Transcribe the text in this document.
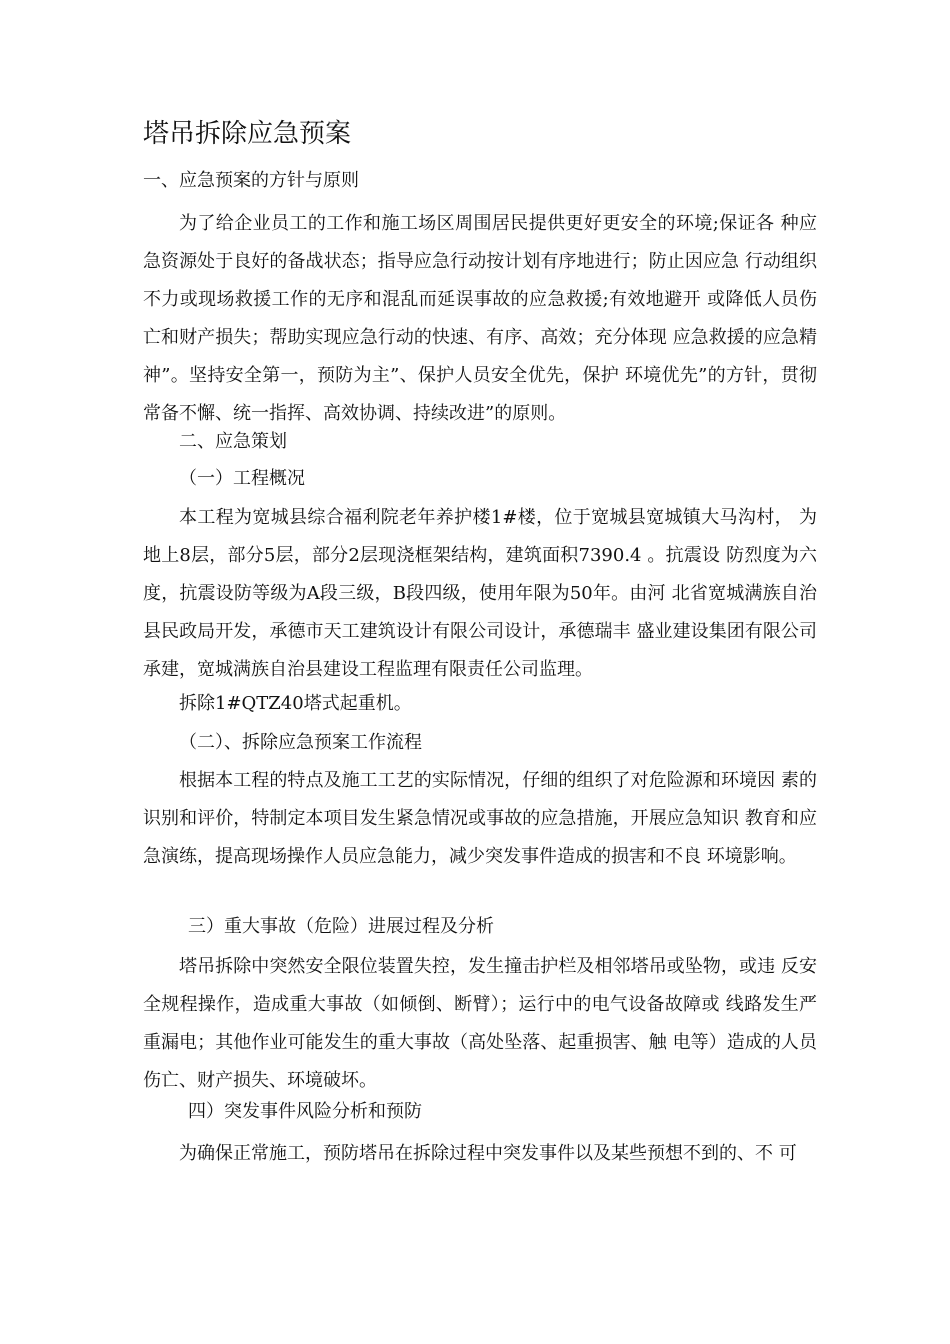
塔吊拆除应急预案

一、应急预案的方针与原则

为了给企业员工的工作和施工场区周围居民提供更好更安全的环境;保证各 种应急资源处于良好的备战状态；指导应急行动按计划有序地进行；防止因应急 行动组织不力或现场救援工作的无序和混乱而延误事故的应急救援;有效地避开 或降低人员伤亡和财产损失；帮助实现应急行动的快速、有序、高效；充分体现 应急救援的应急精神”。坚持安全第一，预防为主”、保护人员安全优先，保护 环境优先”的方针，贯彻常备不懈、统一指挥、高效协调、持续改进”的原则。

二、应急策划

（一）工程概况

本工程为宽城县综合福利院老年养护楼1#楼，位于宽城县宽城镇大马沟村， 为地上8层，部分5层，部分2层现浇框架结构，建筑面积7390.4 。抗震设 防烈度为六度，抗震设防等级为A段三级，B段四级，使用年限为50年。由河 北省宽城满族自治县民政局开发，承德市天工建筑设计有限公司设计，承德瑞丰 盛业建设集团有限公司承建，宽城满族自治县建设工程监理有限责任公司监理。

拆除1#QTZ40塔式起重机。

（二）、拆除应急预案工作流程

根据本工程的特点及施工工艺的实际情况，仔细的组织了对危险源和环境因 素的识别和评价，特制定本项目发生紧急情况或事故的应急措施，开展应急知识 教育和应急演练，提高现场操作人员应急能力，减少突发事件造成的损害和不良 环境影响。

三）重大事故（危险）进展过程及分析

塔吊拆除中突然安全限位装置失控，发生撞击护栏及相邻塔吊或坠物，或违 反安全规程操作，造成重大事故（如倾倒、断臂）；运行中的电气设备故障或 线路发生严重漏电；其他作业可能发生的重大事故（高处坠落、起重损害、触 电等）造成的人员伤亡、财产损失、环境破坏。

四）突发事件风险分析和预防

为确保正常施工，预防塔吊在拆除过程中突发事件以及某些预想不到的、不 可
